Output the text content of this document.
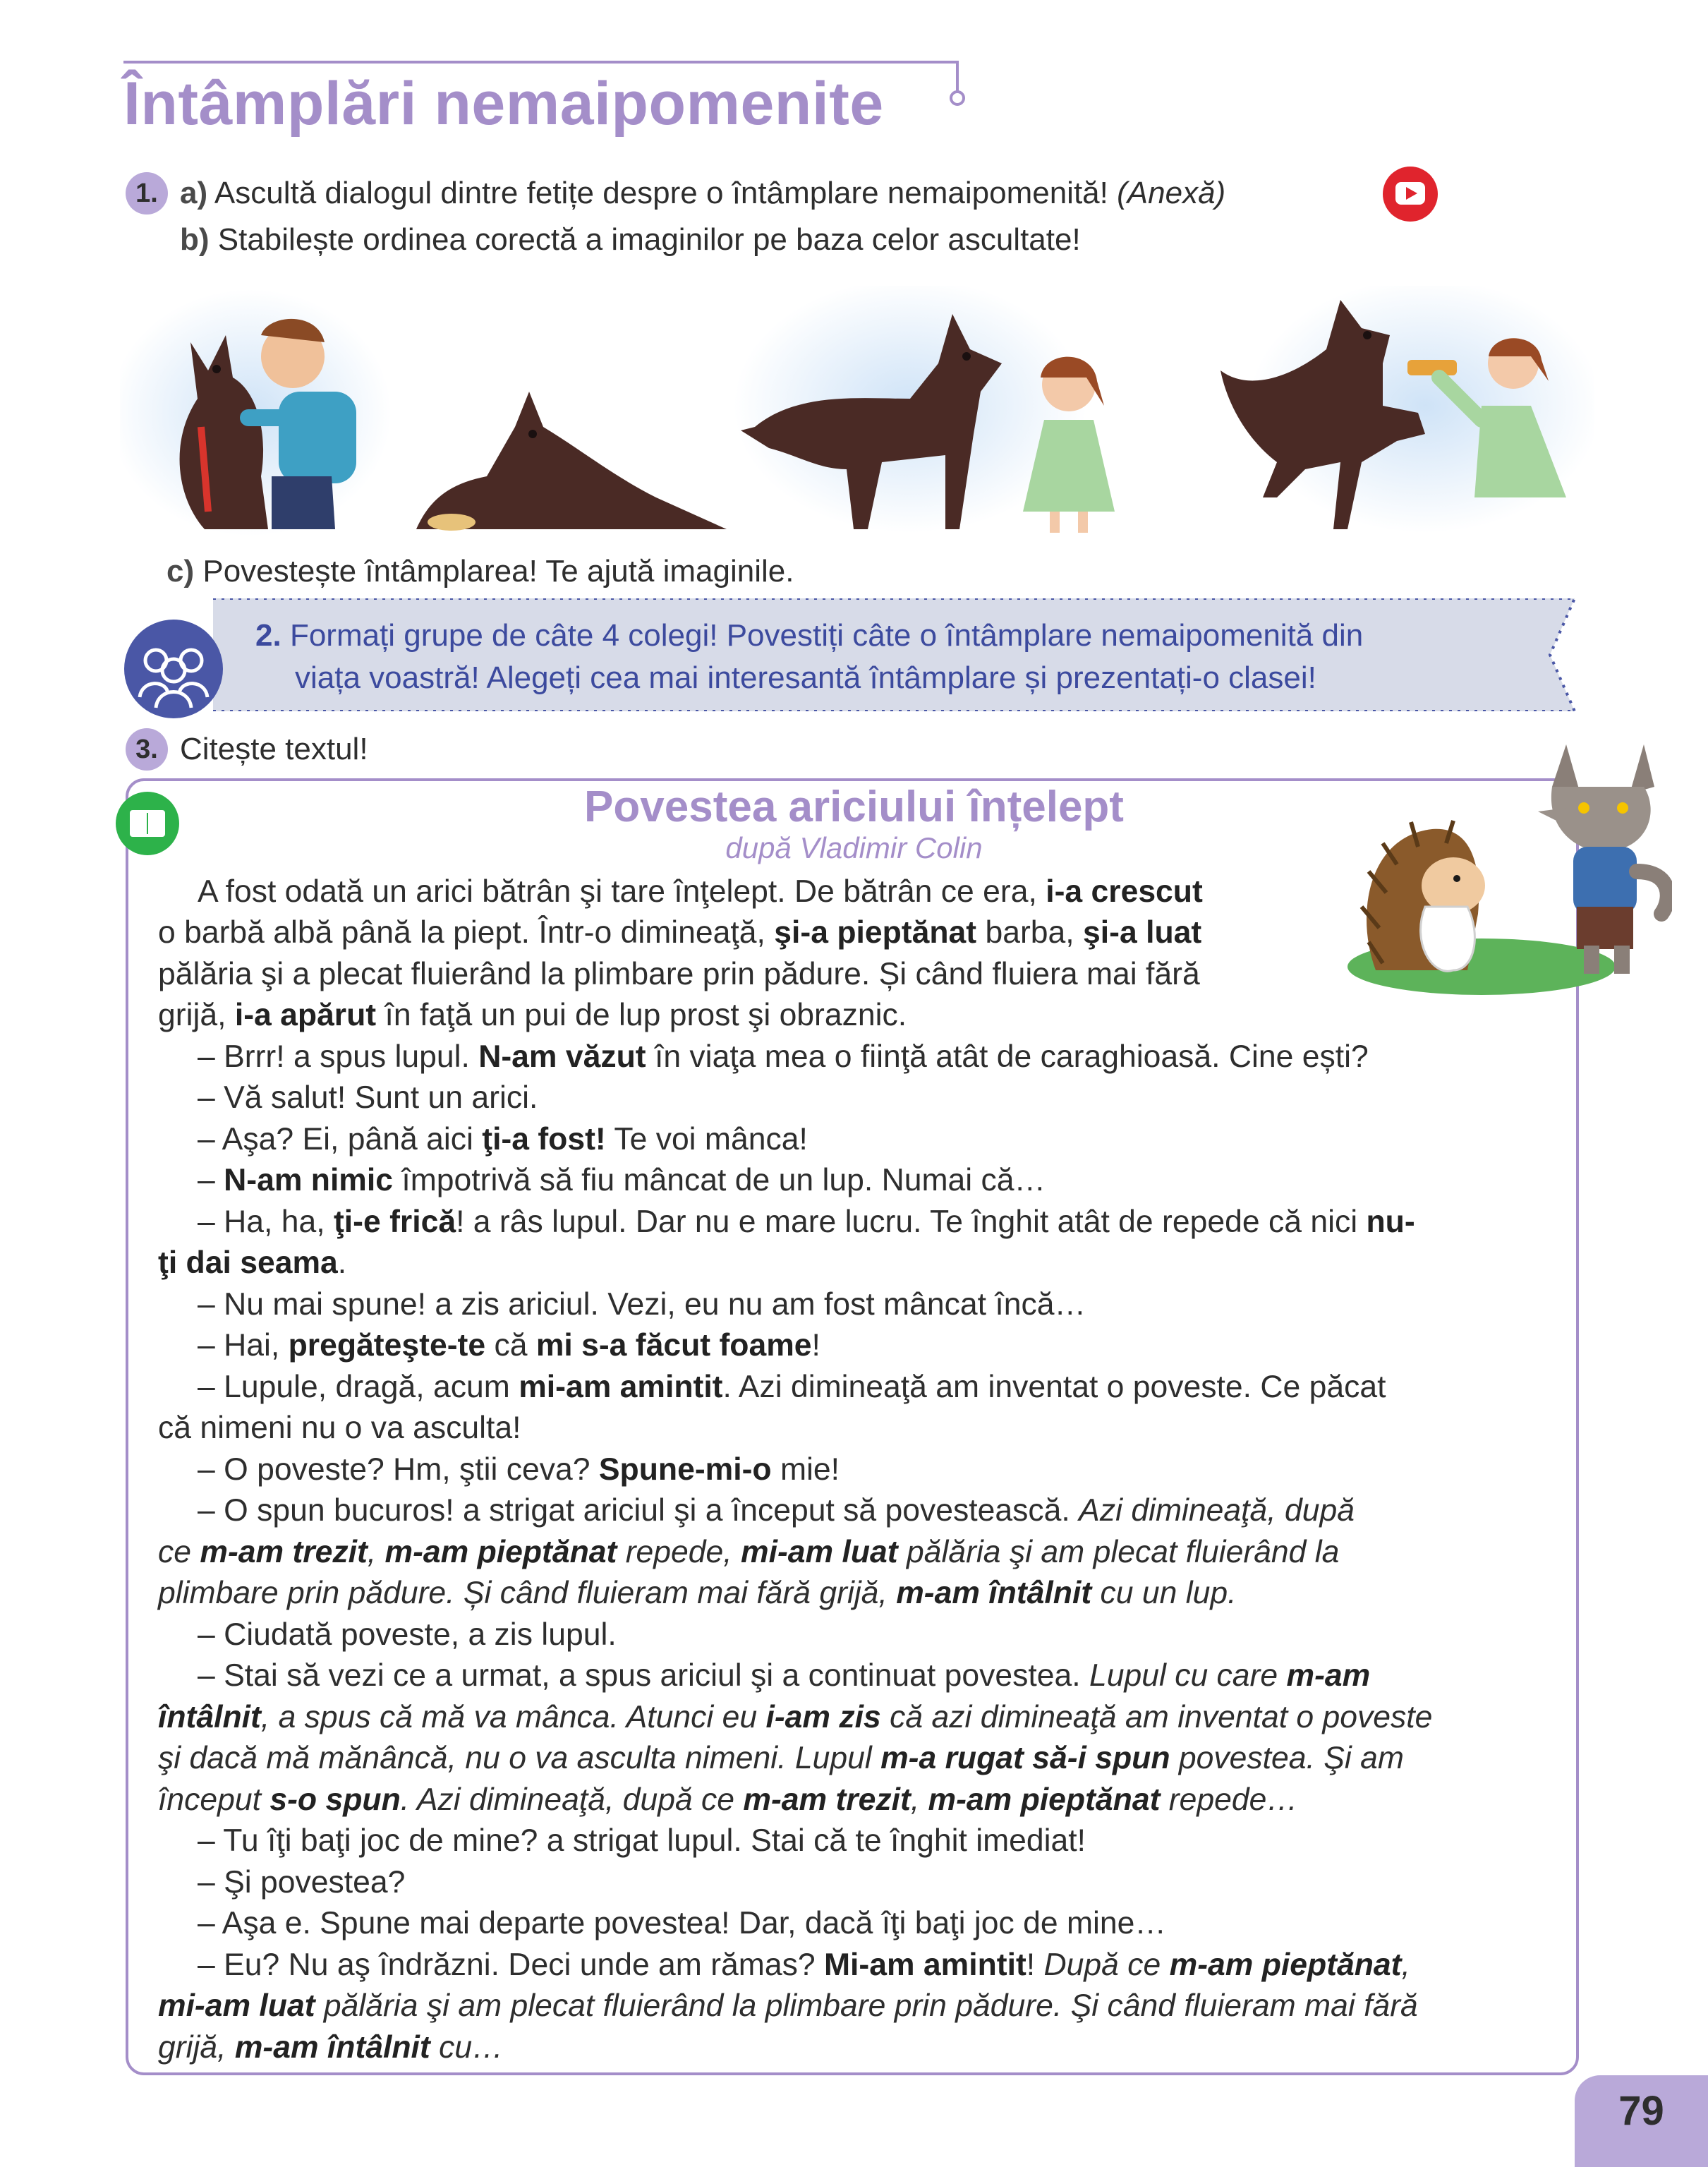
Întâmplări nemaipomenite
1. a) Ascultă dialogul dintre fetițe despre o întâmplare nemaipomenită! (Anexă)
b) Stabilește ordinea corectă a imaginilor pe baza celor ascultate!
c) Povestește întâmplarea! Te ajută imaginile.
2. Formați grupe de câte 4 colegi! Povestiți câte o întâmplare nemaipomenită din
viața voastră! Alegeți cea mai interesantă întâmplare și prezentați-o clasei!
3. Citește textul!
Povestea ariciului înțelept
după Vladimir Colin
A fost odată un arici bătrân şi tare înţelept. De bătrân ce era, i-a crescut
o barbă albă până la piept. Într-o dimineaţă, şi-a pieptănat barba, şi-a luat
pălăria şi a plecat fluierând la plimbare prin pădure. Și când fluiera mai fără
grijă, i-a apărut în faţă un pui de lup prost şi obraznic.
– Brrr! a spus lupul. N-am văzut în viaţa mea o fiinţă atât de caraghioasă. Cine ești?
– Vă salut! Sunt un arici.
– Aşa? Ei, până aici ţi-a fost! Te voi mânca!
– N-am nimic împotrivă să fiu mâncat de un lup. Numai că…
– Ha, ha, ţi-e frică! a râs lupul. Dar nu e mare lucru. Te înghit atât de repede că nici nu-
ţi dai seama.
– Nu mai spune! a zis ariciul. Vezi, eu nu am fost mâncat încă…
– Hai, pregăteşte-te că mi s-a făcut foame!
– Lupule, dragă, acum mi-am amintit. Azi dimineaţă am inventat o poveste. Ce păcat
că nimeni nu o va asculta!
– O poveste? Hm, ştii ceva? Spune-mi-o mie!
– O spun bucuros! a strigat ariciul şi a început să povestească. Azi dimineaţă, după
ce m-am trezit, m-am pieptănat repede, mi-am luat pălăria şi am plecat fluierând la
plimbare prin pădure. Și când fluieram mai fără grijă, m-am întâlnit cu un lup.
– Ciudată poveste, a zis lupul.
– Stai să vezi ce a urmat, a spus ariciul şi a continuat povestea. Lupul cu care m-am
întâlnit, a spus că mă va mânca. Atunci eu i-am zis că azi dimineaţă am inventat o poveste
şi dacă mă mănâncă, nu o va asculta nimeni. Lupul m-a rugat să-i spun povestea. Şi am
început s-o spun. Azi dimineaţă, după ce m-am trezit, m-am pieptănat repede…
– Tu îţi baţi joc de mine? a strigat lupul. Stai că te înghit imediat!
– Şi povestea?
– Aşa e. Spune mai departe povestea! Dar, dacă îţi baţi joc de mine…
– Eu? Nu aş îndrăzni. Deci unde am rămas? Mi-am amintit! După ce m-am pieptănat,
mi-am luat pălăria şi am plecat fluierând la plimbare prin pădure. Şi când fluieram mai fără
grijă, m-am întâlnit cu…
79
